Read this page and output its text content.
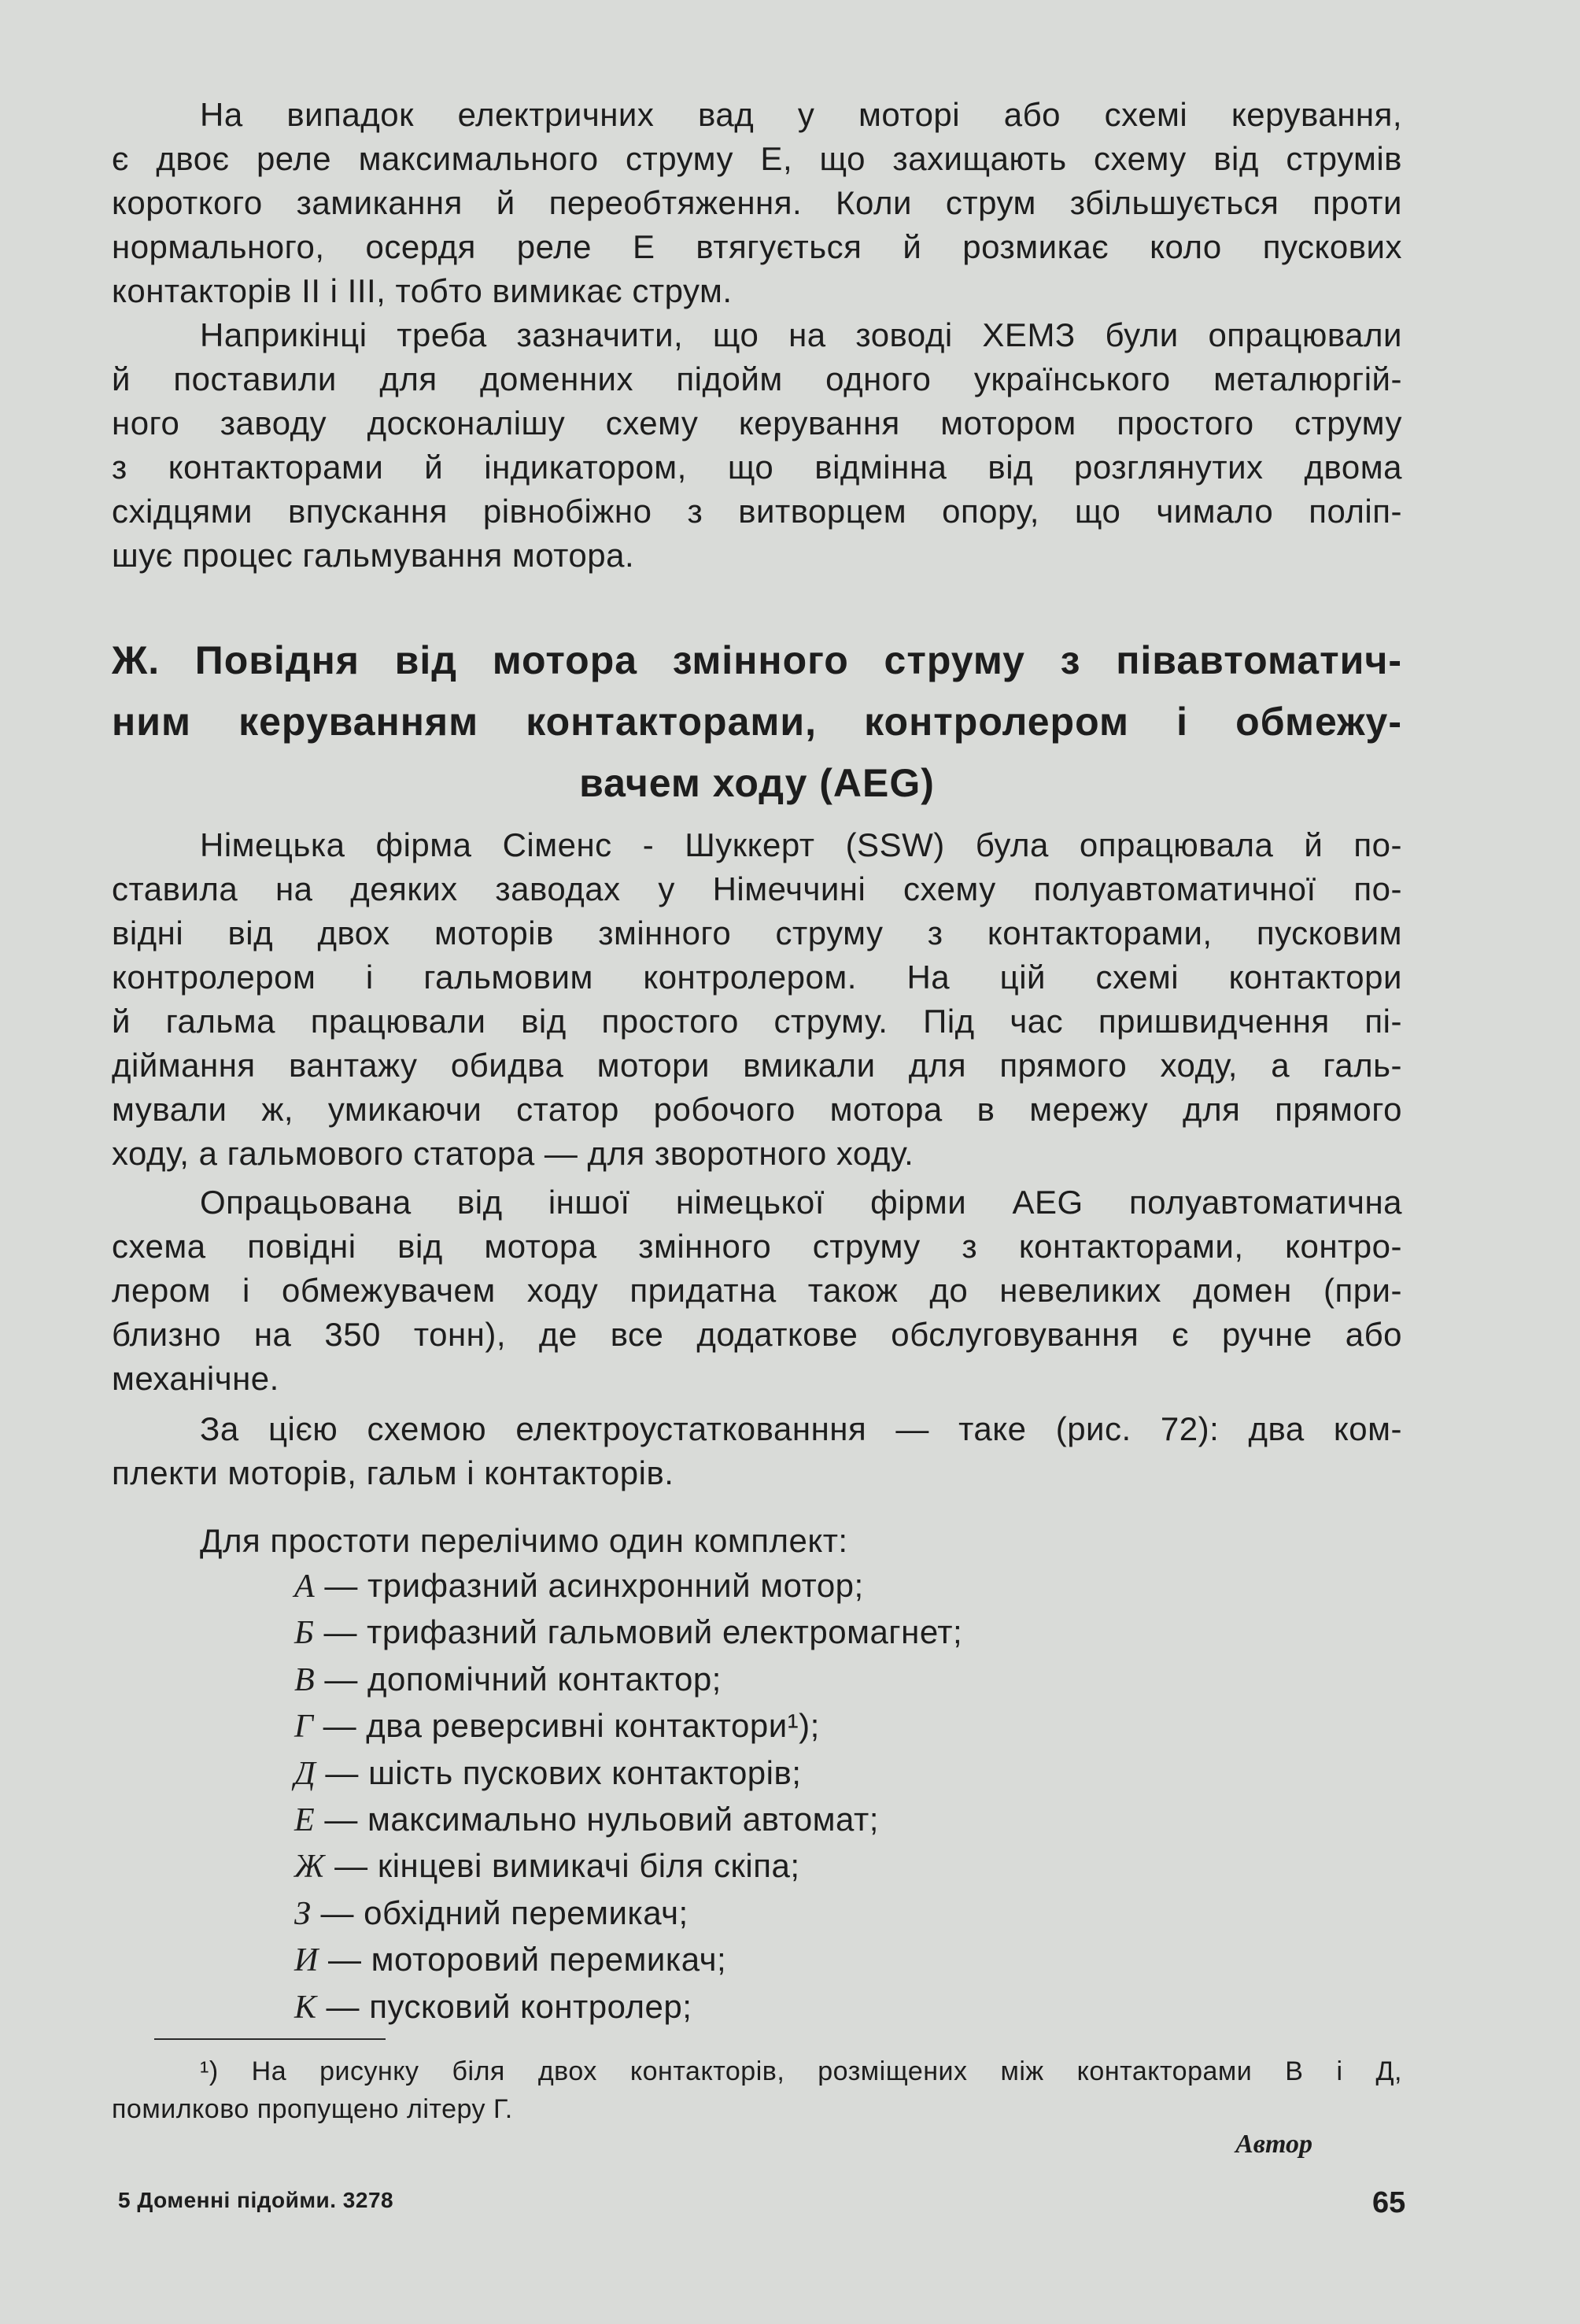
На випадок електричних вад у моторі або схемі керування,
є двоє реле максимального струму Е, що захищають схему від струмів
короткого замикання й переобтяження. Коли струм збільшується проти
нормального, осердя реле Е втягується й розмикає коло пускових
контакторів II і III, тобто вимикає струм.
Наприкінці треба зазначити, що на зоводі ХЕМЗ були опрацювали
й поставили для доменних підойм одного українського металюргій-
ного заводу досконалішу схему керування мотором простого струму
з контакторами й індикатором, що відмінна від розглянутих двома
східцями впускання рівнобіжно з витворцем опору, що чимало поліп-
шує процес гальмування мотора.
Ж. Повідня від мотора змінного струму з півавтоматич-
ним керуванням контакторами, контролером і обмежу-
вачем ходу (AEG)
Німецька фірма Сіменс - Шуккерт (SSW) була опрацювала й по-
ставила на деяких заводах у Німеччині схему полуавтоматичної по-
відні від двох моторів змінного струму з контакторами, пусковим
контролером і гальмовим контролером. На цій схемі контактори
й гальма працювали від простого струму. Під час пришвидчення пі-
діймання вантажу обидва мотори вмикали для прямого ходу, а галь-
мували ж, умикаючи статор робочого мотора в мережу для прямого
ходу, а гальмового статора — для зворотного ходу.
Опрацьована від іншої німецької фірми AEG полуавтоматична
схема повідні від мотора змінного струму з контакторами, контро-
лером і обмежувачем ходу придатна також до невеликих домен (при-
близно на 350 тонн), де все додаткове обслуговування є ручне або
механічне.
За цією схемою електроустаткованння — таке (рис. 72): два ком-
плекти моторів, гальм і контакторів.
Для простоти перелічимо один комплект:
А — трифазний асинхронний мотор;
Б — трифазний гальмовий електромагнет;
В — допомічний контактор;
Г — два реверсивні контактори¹);
Д — шість пускових контакторів;
Е — максимально нульовий автомат;
Ж — кінцеві вимикачі біля скіпа;
З — обхідний перемикач;
И — моторовий перемикач;
К — пусковий контролер;
¹) На рисунку біля двох контакторів, розміщених між контакторами В і Д,
помилково пропущено літеру Г.
Автор
5 Доменні підойми. 3278	65
